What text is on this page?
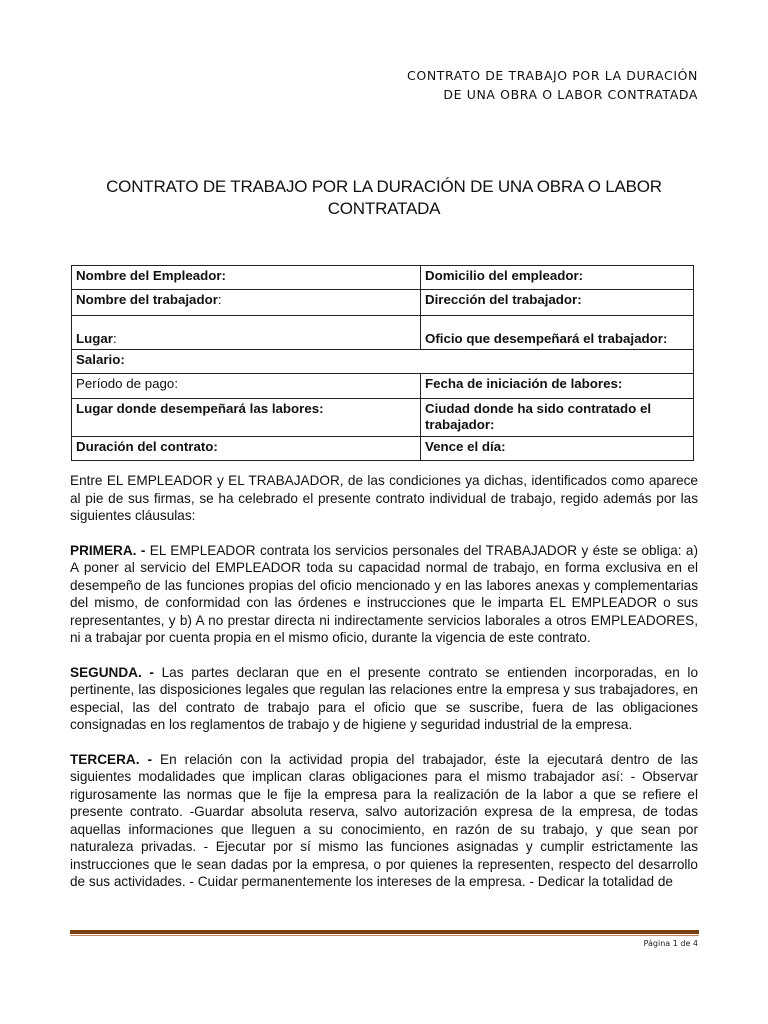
CONTRATO DE TRABAJO POR LA DURACIÓN
DE UNA OBRA O LABOR CONTRATADA
CONTRATO DE TRABAJO POR LA DURACIÓN DE UNA OBRA O LABOR
CONTRATADA
Nombre del Empleador:	Domicilio del empleador:
Nombre del trabajador:	Dirección del trabajador:
Lugar:	Oficio que desempeñará el trabajador:
Salario:	
Período de pago:	Fecha de iniciación de labores:
Lugar donde desempeñará las labores:	Ciudad donde ha sido contratado el trabajador:
Duración del contrato:	Vence el día:

Entre EL EMPLEADOR y EL TRABAJADOR, de las condiciones ya dichas, identificados como aparece al pie de sus firmas, se ha celebrado el presente contrato individual de trabajo, regido además por las siguientes cláusulas:

PRIMERA. - EL EMPLEADOR contrata los servicios personales del TRABAJADOR y éste se obliga: a) A poner al servicio del EMPLEADOR toda su capacidad normal de trabajo, en forma exclusiva en el desempeño de las funciones propias del oficio mencionado y en las labores anexas y complementarias del mismo, de conformidad con las órdenes e instrucciones que le imparta EL EMPLEADOR o sus representantes, y b) A no prestar directa ni indirectamente servicios laborales a otros EMPLEADORES, ni a trabajar por cuenta propia en el mismo oficio, durante la vigencia de este contrato.

SEGUNDA. - Las partes declaran que en el presente contrato se entienden incorporadas, en lo pertinente, las disposiciones legales que regulan las relaciones entre la empresa y sus trabajadores, en especial, las del contrato de trabajo para el oficio que se suscribe, fuera de las obligaciones consignadas en los reglamentos de trabajo y de higiene y seguridad industrial de la empresa.

TERCERA. - En relación con la actividad propia del trabajador, éste la ejecutará dentro de las siguientes modalidades que implican claras obligaciones para el mismo trabajador así: - Observar rigurosamente las normas que le fije la empresa para la realización de la labor a que se refiere el presente contrato. -Guardar absoluta reserva, salvo autorización expresa de la empresa, de todas aquellas informaciones que lleguen a su conocimiento, en razón de su trabajo, y que sean por naturaleza privadas. - Ejecutar por sí mismo las funciones asignadas y cumplir estrictamente las instrucciones que le sean dadas por la empresa, o por quienes la representen, respecto del desarrollo de sus actividades. - Cuidar permanentemente los intereses de la empresa. - Dedicar la totalidad de

Página 1 de 4
